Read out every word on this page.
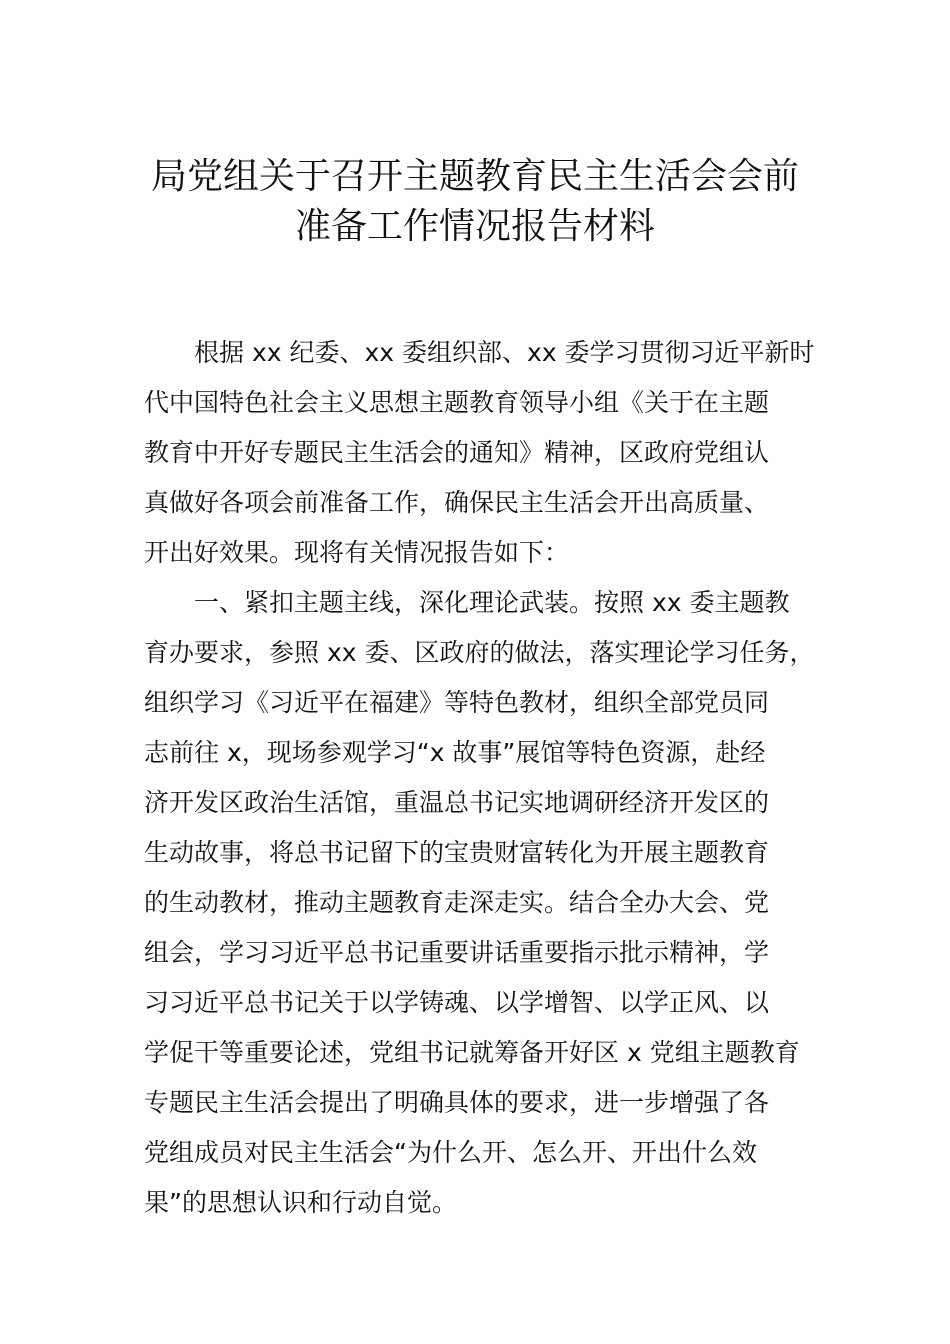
局党组关于召开主题教育民主生活会会前
准备工作情况报告材料
根据 xx 纪委、xx 委组织部、xx 委学习贯彻习近平新时
代中国特色社会主义思想主题教育领导小组《关于在主题
教育中开好专题民主生活会的通知》精神，区政府党组认
真做好各项会前准备工作，确保民主生活会开出高质量、
开出好效果。现将有关情况报告如下：
一、紧扣主题主线，深化理论武装。按照 xx 委主题教
育办要求，参照 xx 委、区政府的做法，落实理论学习任务，
组织学习《习近平在福建》等特色教材，组织全部党员同
志前往 x，现场参观学习“x 故事”展馆等特色资源，赴经
济开发区政治生活馆，重温总书记实地调研经济开发区的
生动故事，将总书记留下的宝贵财富转化为开展主题教育
的生动教材，推动主题教育走深走实。结合全办大会、党
组会，学习习近平总书记重要讲话重要指示批示精神，学
习习近平总书记关于以学铸魂、以学增智、以学正风、以
学促干等重要论述，党组书记就筹备开好区 x 党组主题教育
专题民主生活会提出了明确具体的要求，进一步增强了各
党组成员对民主生活会“为什么开、怎么开、开出什么效
果”的思想认识和行动自觉。
